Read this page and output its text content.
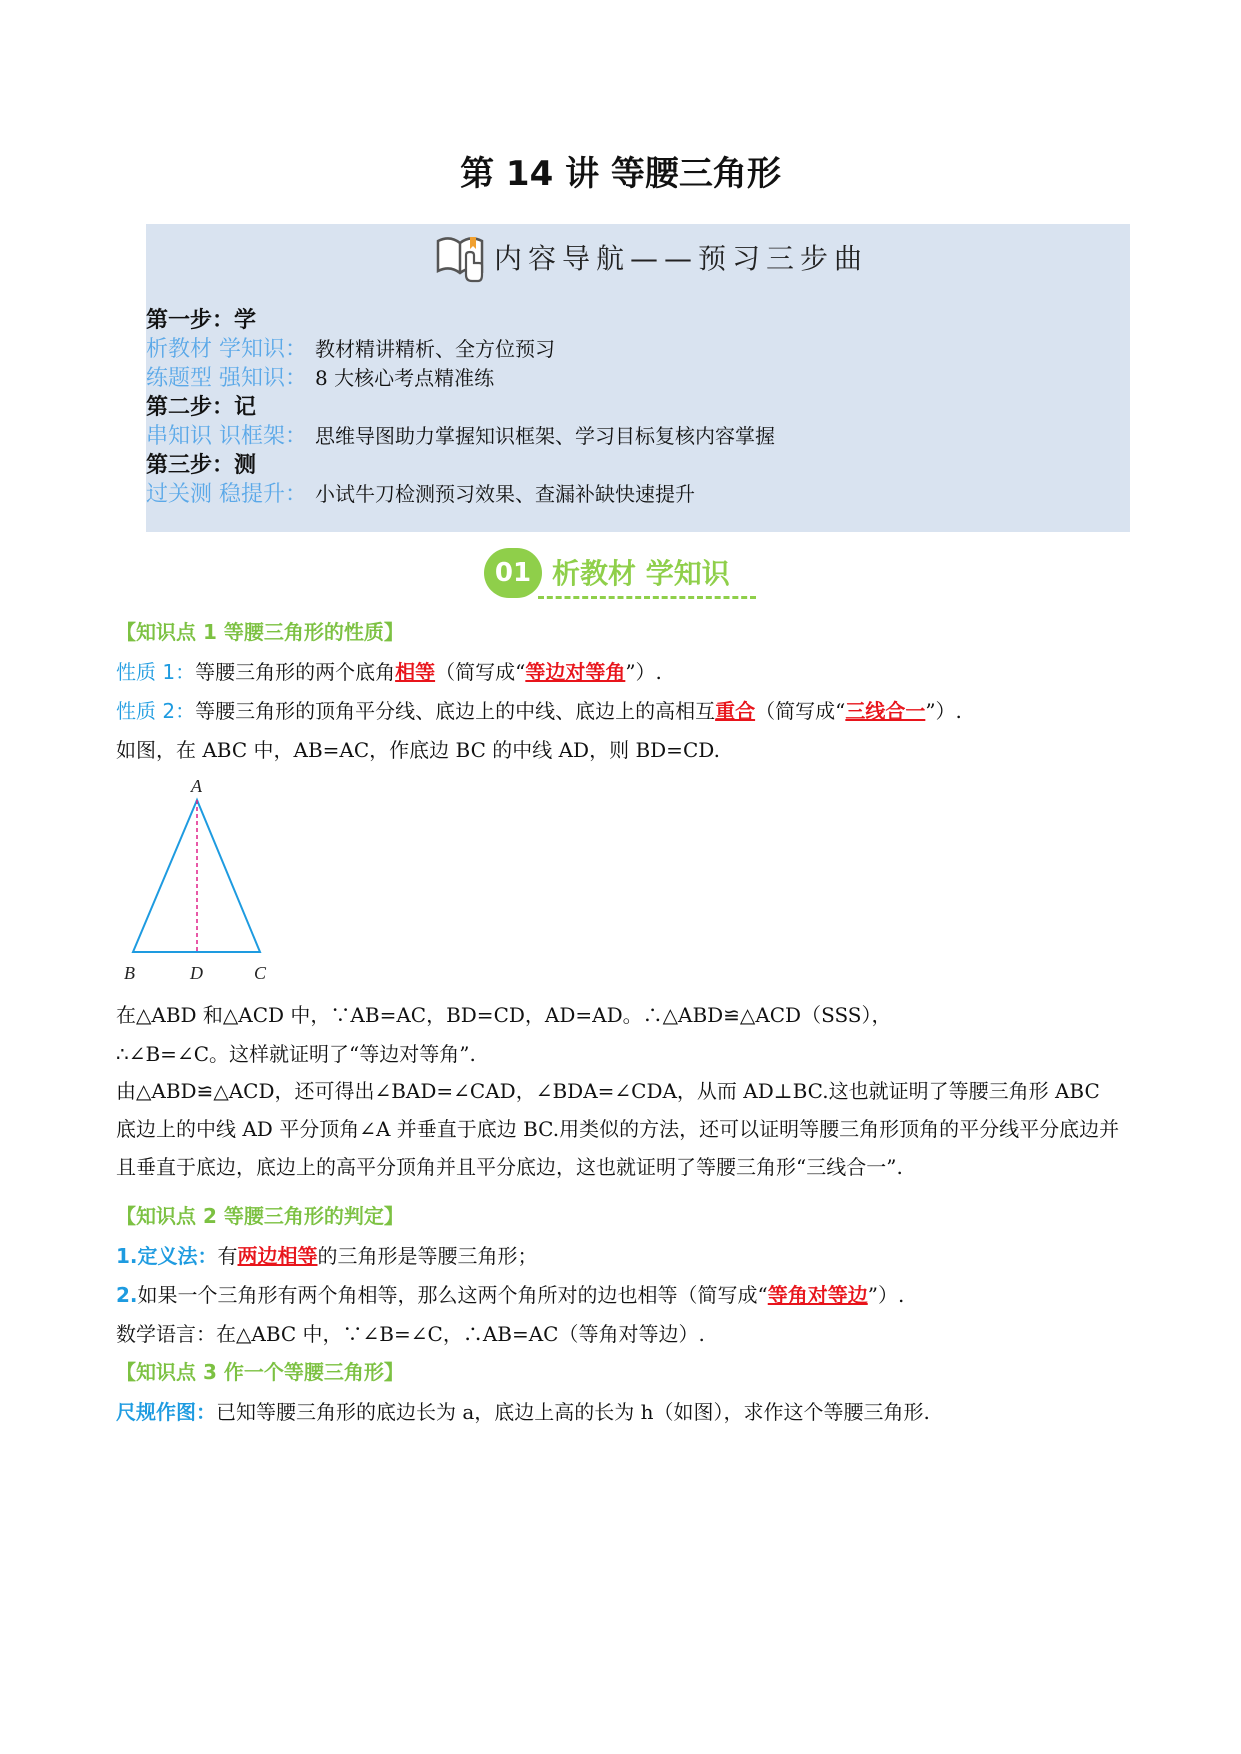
第 14 讲 等腰三角形
内容导航——预习三步曲
第一步：学
析教材 学知识： 教材精讲精析、全方位预习
练题型 强知识： 8 大核心考点精准练
第二步：记
串知识 识框架： 思维导图助力掌握知识框架、学习目标复核内容掌握
第三步：测
过关测 稳提升： 小试牛刀检测预习效果、查漏补缺快速提升
01 析教材 学知识
【知识点 1 等腰三角形的性质】
性质 1：等腰三角形的两个底角相等（简写成“等边对等角”）.
性质 2：等腰三角形的顶角平分线、底边上的中线、底边上的高相互重合（简写成“三线合一”）.
如图，在 ABC 中，AB=AC，作底边 BC 的中线 AD，则 BD=CD.
在△ABD 和△ACD 中，∵AB=AC，BD=CD，AD=AD。∴△ABD≌△ACD（SSS），
∴∠B=∠C。这样就证明了“等边对等角”.
由△ABD≌△ACD，还可得出∠BAD=∠CAD，∠BDA=∠CDA，从而 AD⊥BC.这也就证明了等腰三角形 ABC 底边上的中线 AD 平分顶角∠A 并垂直于底边 BC.用类似的方法，还可以证明等腰三角形顶角的平分线平分底边并且垂直于底边，底边上的高平分顶角并且平分底边，这也就证明了等腰三角形“三线合一”.
【知识点 2 等腰三角形的判定】
1.定义法：有两边相等的三角形是等腰三角形；
2.如果一个三角形有两个角相等，那么这两个角所对的边也相等（简写成“等角对等边”）.
数学语言：在△ABC 中，∵∠B=∠C，∴AB=AC（等角对等边）.
【知识点 3 作一个等腰三角形】
尺规作图：已知等腰三角形的底边长为 a，底边上高的长为 h（如图），求作这个等腰三角形.
A
B	D	C
